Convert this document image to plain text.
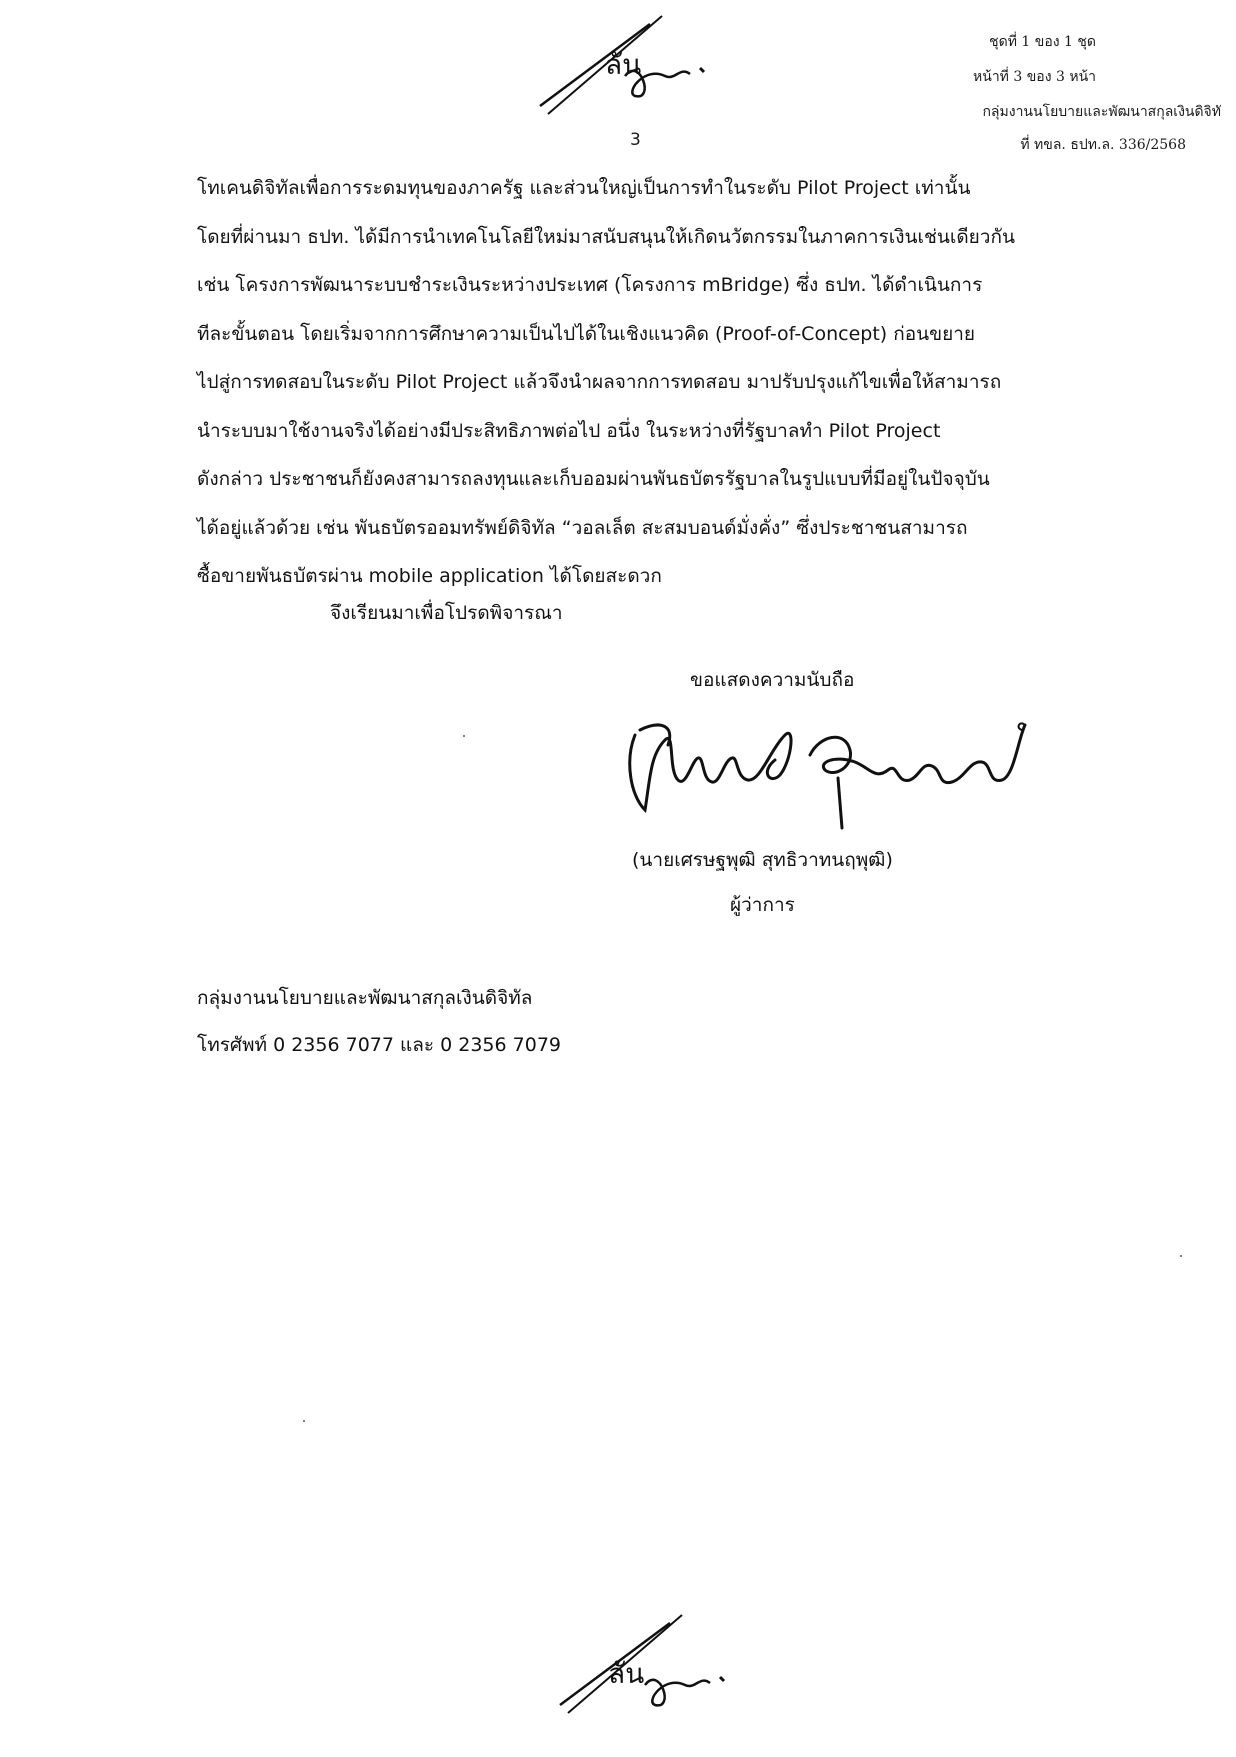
ลัน
ชุดที่ 1 ของ 1 ชุด
หน้าที่ 3 ของ 3 หน้า
กลุ่มงานนโยบายและพัฒนาสกุลเงินดิจิทั
ที่ ทขล. ธปท.ล. 336/2568
3
โทเคนดิจิทัลเพื่อการระดมทุนของภาครัฐ และส่วนใหญ่เป็นการทำในระดับ Pilot Project เท่านั้น
โดยที่ผ่านมา ธปท. ได้มีการนำเทคโนโลยีใหม่มาสนับสนุนให้เกิดนวัตกรรมในภาคการเงินเช่นเดียวกัน
เช่น โครงการพัฒนาระบบชำระเงินระหว่างประเทศ (โครงการ mBridge) ซึ่ง ธปท. ได้ดำเนินการ
ทีละขั้นตอน โดยเริ่มจากการศึกษาความเป็นไปได้ในเชิงแนวคิด (Proof-of-Concept) ก่อนขยาย
ไปสู่การทดสอบในระดับ Pilot Project แล้วจึงนำผลจากการทดสอบ มาปรับปรุงแก้ไขเพื่อให้สามารถ
นำระบบมาใช้งานจริงได้อย่างมีประสิทธิภาพต่อไป อนึ่ง ในระหว่างที่รัฐบาลทำ Pilot Project
ดังกล่าว ประชาชนก็ยังคงสามารถลงทุนและเก็บออมผ่านพันธบัตรรัฐบาลในรูปแบบที่มีอยู่ในปัจจุบัน
ได้อยู่แล้วด้วย เช่น พันธบัตรออมทรัพย์ดิจิทัล “วอลเล็ต สะสมบอนด์มั่งคั่ง” ซึ่งประชาชนสามารถ
ซื้อขายพันธบัตรผ่าน mobile application ได้โดยสะดวก
จึงเรียนมาเพื่อโปรดพิจารณา
ขอแสดงความนับถือ
(นายเศรษฐพุฒิ สุทธิวาทนฤพุฒิ)
ผู้ว่าการ
กลุ่มงานนโยบายและพัฒนาสกุลเงินดิจิทัล
โทรศัพท์ 0 2356 7077 และ 0 2356 7079
ลัน
